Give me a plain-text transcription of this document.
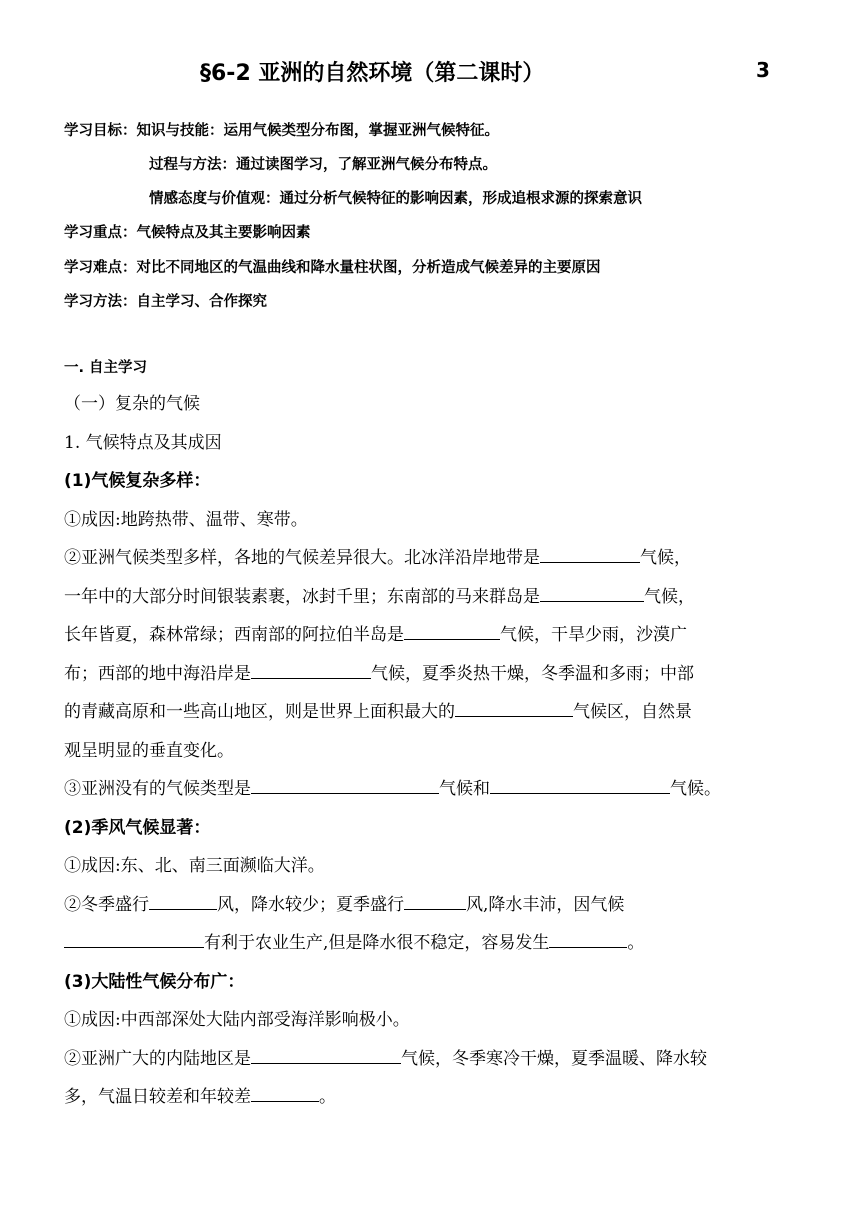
§6-2 亚洲的自然环境（第二课时）	3
学习目标：知识与技能：运用气候类型分布图，掌握亚洲气候特征。
过程与方法：通过读图学习，了解亚洲气候分布特点。
情感态度与价值观：通过分析气候特征的影响因素，形成追根求源的探索意识
学习重点：气候特点及其主要影响因素
学习难点：对比不同地区的气温曲线和降水量柱状图，分析造成气候差异的主要原因
学习方法：自主学习、合作探究
一. 自主学习
（一）复杂的气候
1. 气候特点及其成因
(1)气候复杂多样：
①成因:地跨热带、温带、寒带。
②亚洲气候类型多样，各地的气候差异很大。北冰洋沿岸地带是	气候，
一年中的大部分时间银装素裹，冰封千里；东南部的马来群岛是	气候，
长年皆夏，森林常绿；西南部的阿拉伯半岛是	气候，干旱少雨，沙漠广
布；西部的地中海沿岸是	气候，夏季炎热干燥，冬季温和多雨；中部
的青藏高原和一些高山地区，则是世界上面积最大的	气候区，自然景
观呈明显的垂直变化。
③亚洲没有的气候类型是	气候和	气候。
(2)季风气候显著：
①成因:东、北、南三面濒临大洋。
②冬季盛行	风，降水较少；夏季盛行	风,降水丰沛，因气候
有利于农业生产,但是降水很不稳定，容易发生	。
(3)大陆性气候分布广：
①成因:中西部深处大陆内部受海洋影响极小。
②亚洲广大的内陆地区是	气候，冬季寒冷干燥，夏季温暖、降水较
多，气温日较差和年较差	。
